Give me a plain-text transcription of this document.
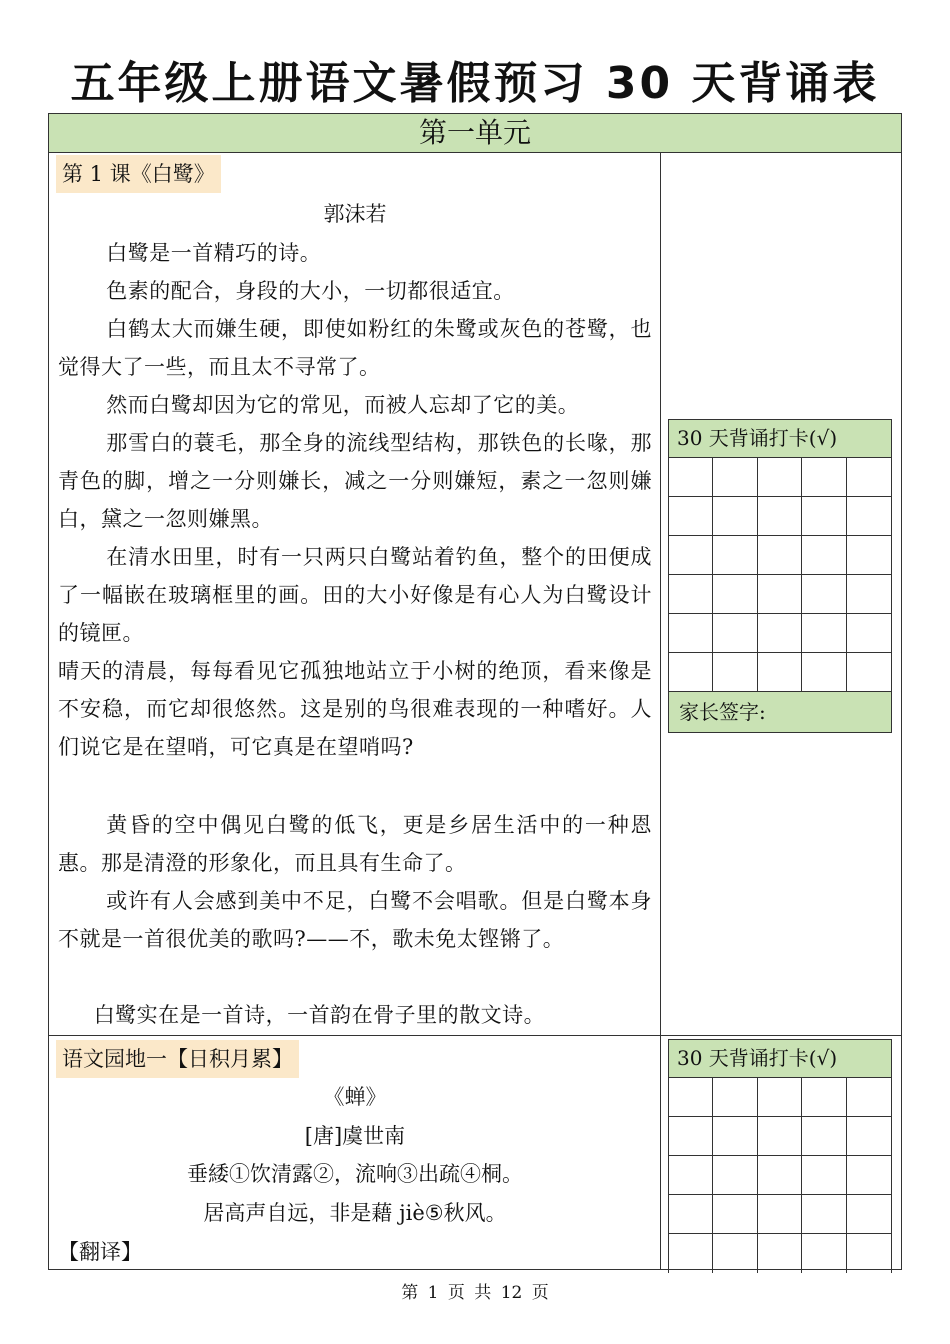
五年级上册语文暑假预习 30 天背诵表
第一单元
第 1 课《白鹭》
郭沫若

白鹭是一首精巧的诗。

色素的配合，身段的大小，一切都很适宜。

白鹤太大而嫌生硬，即使如粉红的朱鹭或灰色的苍鹭，也觉得大了一些，而且太不寻常了。

然而白鹭却因为它的常见，而被人忘却了它的美。

那雪白的蓑毛，那全身的流线型结构，那铁色的长喙，那青色的脚，增之一分则嫌长，减之一分则嫌短，素之一忽则嫌白，黛之一忽则嫌黑。

在清水田里，时有一只两只白鹭站着钓鱼，整个的田便成了一幅嵌在玻璃框里的画。田的大小好像是有心人为白鹭设计的镜匣。

晴天的清晨，每每看见它孤独地站立于小树的绝顶，看来像是不安稳，而它却很悠然。这是别的鸟很难表现的一种嗜好。人们说它是在望哨，可它真是在望哨吗?

黄昏的空中偶见白鹭的低飞，更是乡居生活中的一种恩惠。那是清澄的形象化，而且具有生命了。

或许有人会感到美中不足，白鹭不会唱歌。但是白鹭本身不就是一首很优美的歌吗?——不，歌未免太铿锵了。

白鹭实在是一首诗，一首韵在骨子里的散文诗。

语文园地一【日积月累】
《蝉》
[唐]虞世南
垂緌①饮清露②，流响③出疏④桐。
居高声自远，非是藉 jiè⑤秋风。
【翻译】
30 天背诵打卡(√)
家长签字:
30 天背诵打卡(√)
第 1 页 共 12 页
